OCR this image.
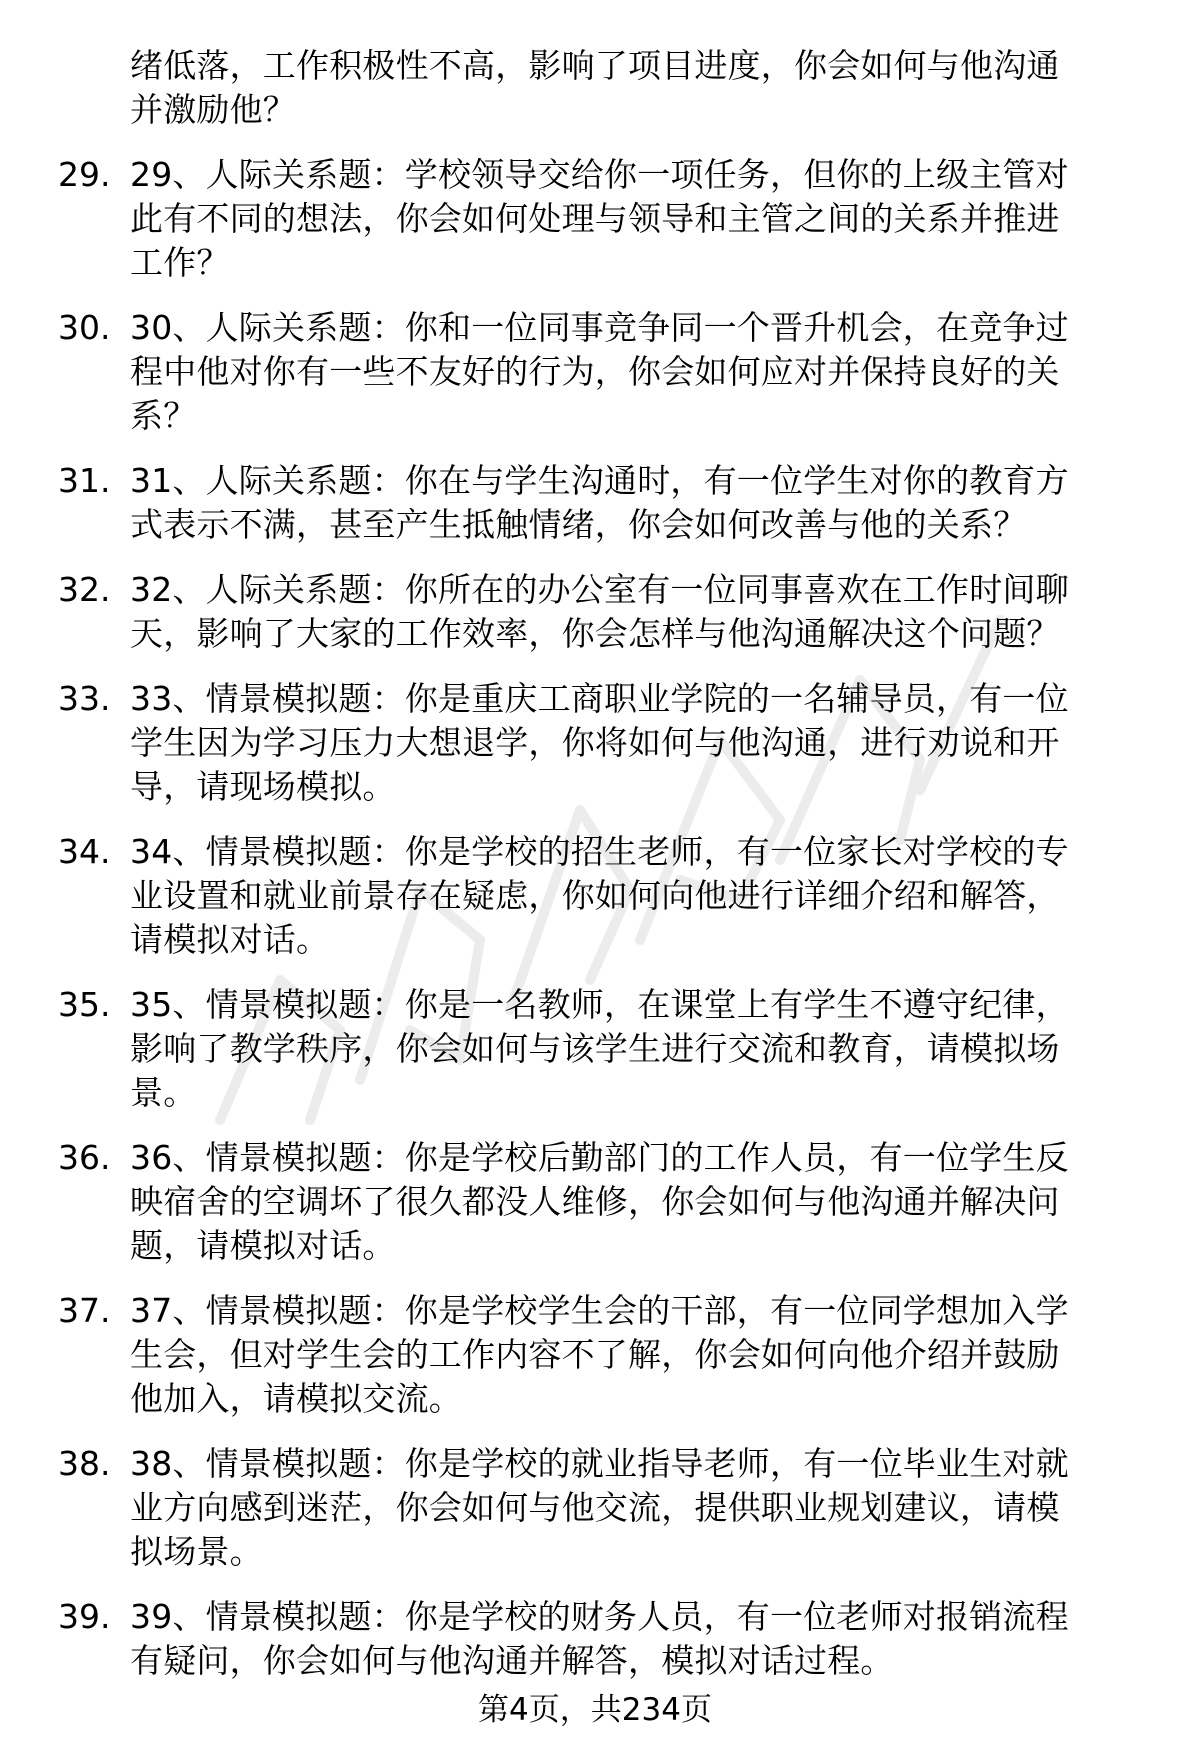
绪低落，工作积极性不高，影响了项目进度，你会如何与他沟通
并激励他？
29. 29、人际关系题：学校领导交给你一项任务，但你的上级主管对
此有不同的想法，你会如何处理与领导和主管之间的关系并推进
工作？
30. 30、人际关系题：你和一位同事竞争同一个晋升机会，在竞争过
程中他对你有一些不友好的行为，你会如何应对并保持良好的关
系？
31. 31、人际关系题：你在与学生沟通时，有一位学生对你的教育方
式表示不满，甚至产生抵触情绪，你会如何改善与他的关系？
32. 32、人际关系题：你所在的办公室有一位同事喜欢在工作时间聊
天，影响了大家的工作效率，你会怎样与他沟通解决这个问题？
33. 33、情景模拟题：你是重庆工商职业学院的一名辅导员，有一位
学生因为学习压力大想退学，你将如何与他沟通，进行劝说和开
导，请现场模拟。
34. 34、情景模拟题：你是学校的招生老师，有一位家长对学校的专
业设置和就业前景存在疑虑，你如何向他进行详细介绍和解答，
请模拟对话。
35. 35、情景模拟题：你是一名教师，在课堂上有学生不遵守纪律，
影响了教学秩序，你会如何与该学生进行交流和教育，请模拟场
景。
36. 36、情景模拟题：你是学校后勤部门的工作人员，有一位学生反
映宿舍的空调坏了很久都没人维修，你会如何与他沟通并解决问
题，请模拟对话。
37. 37、情景模拟题：你是学校学生会的干部，有一位同学想加入学
生会，但对学生会的工作内容不了解，你会如何向他介绍并鼓励
他加入，请模拟交流。
38. 38、情景模拟题：你是学校的就业指导老师，有一位毕业生对就
业方向感到迷茫，你会如何与他交流，提供职业规划建议，请模
拟场景。
39. 39、情景模拟题：你是学校的财务人员，有一位老师对报销流程
有疑问，你会如何与他沟通并解答，模拟对话过程。
第4页，共234页
